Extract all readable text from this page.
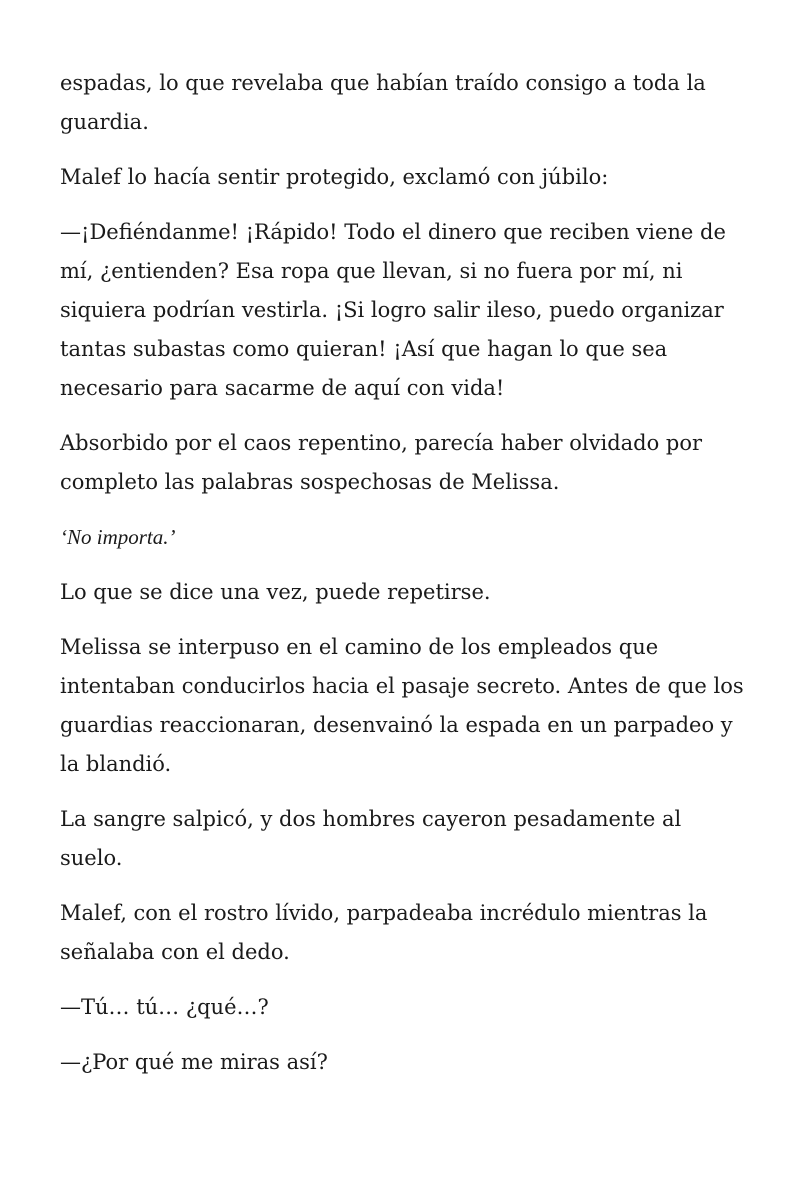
espadas, lo que revelaba que habían traído consigo a toda la guardia.

Malef lo hacía sentir protegido, exclamó con júbilo:

—¡Defiéndanme! ¡Rápido! Todo el dinero que reciben viene de mí, ¿entienden? Esa ropa que llevan, si no fuera por mí, ni siquiera podrían vestirla. ¡Si logro salir ileso, puedo organizar tantas subastas como quieran! ¡Así que hagan lo que sea necesario para sacarme de aquí con vida!

Absorbido por el caos repentino, parecía haber olvidado por completo las palabras sospechosas de Melissa.

‘No importa.’

Lo que se dice una vez, puede repetirse.

Melissa se interpuso en el camino de los empleados que intentaban conducirlos hacia el pasaje secreto. Antes de que los guardias reaccionaran, desenvainó la espada en un parpadeo y la blandió.

La sangre salpicó, y dos hombres cayeron pesadamente al suelo.

Malef, con el rostro lívido, parpadeaba incrédulo mientras la señalaba con el dedo.

—Tú… tú… ¿qué…?

—¿Por qué me miras así?
